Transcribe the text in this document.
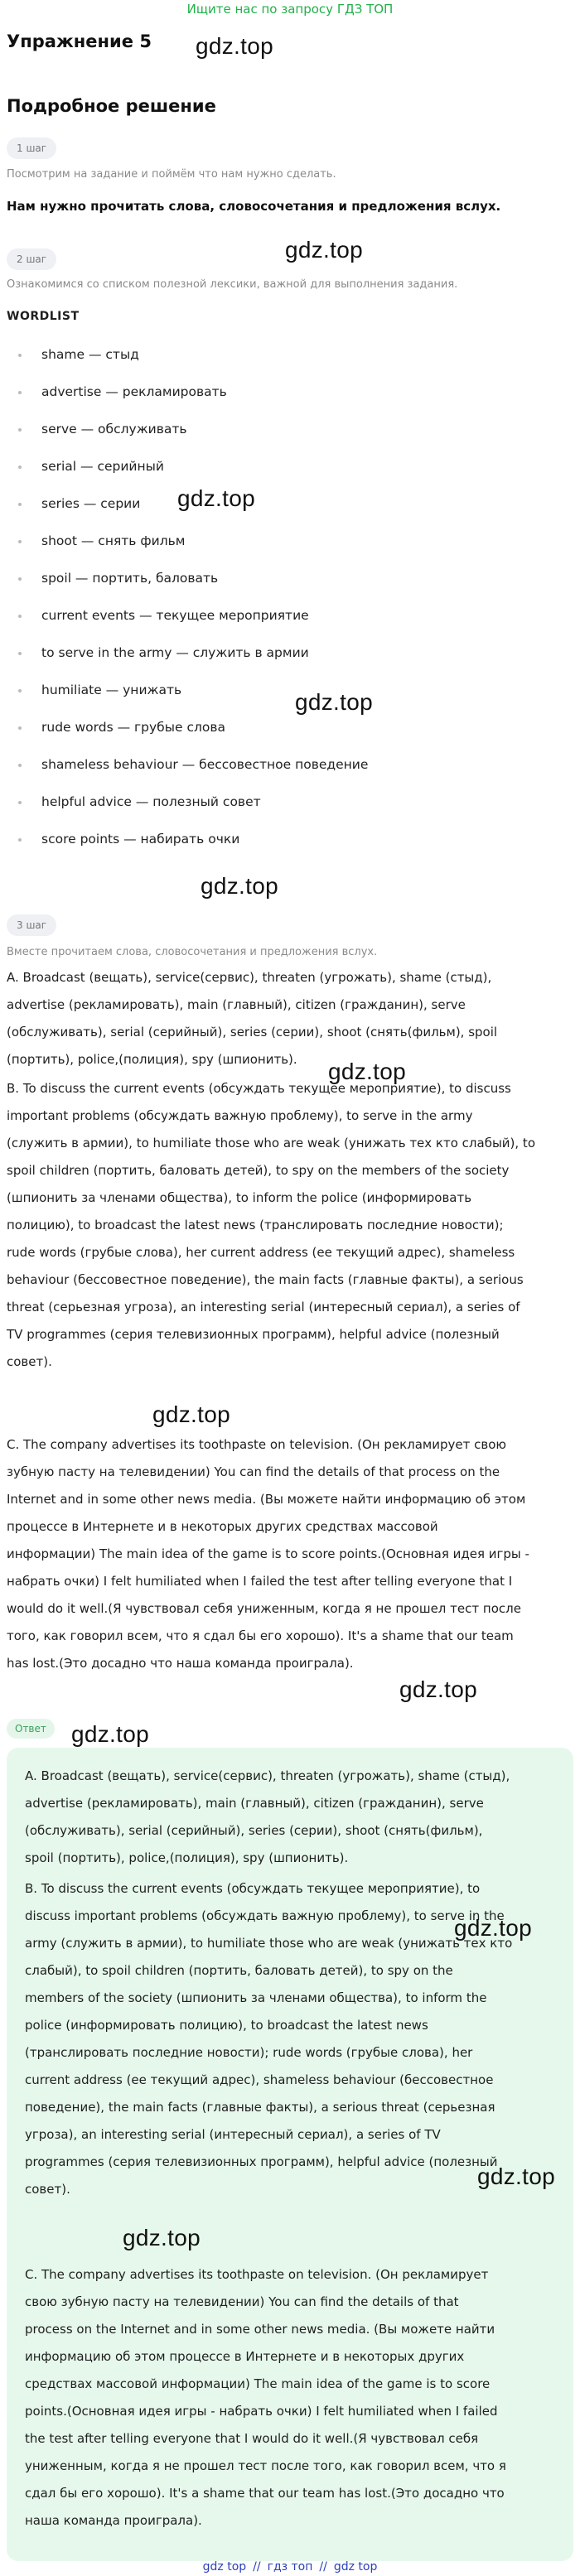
Ищите нас по запросу ГДЗ ТОП
Упражнение 5
Подробное решение
gdz.top
gdz.top
gdz.top
gdz.top
gdz.top
gdz.top
gdz.top
gdz.top
gdz.top
gdz.top
gdz.top
gdz.top
1 шаг
Посмотрим на задание и поймём что нам нужно сделать.
Нам нужно прочитать слова, словосочетания и предложения вслух.
2 шаг
Ознакомимся со списком полезной лексики, важной для выполнения задания.
WORDLIST
shame — стыд
advertise — рекламировать
serve — обслуживать
serial — серийный
series — серии
shoot — снять фильм
spoil — портить, баловать
current events — текущее мероприятие
to serve in the army — служить в армии
humiliate — унижать
rude words — грубые слова
shameless behaviour — бессовестное поведение
helpful advice — полезный совет
score points — набирать очки
3 шаг
Вместе прочитаем слова, словосочетания и предложения вслух.
A. Broadcast (вещать), service(сервис), threaten (угрожать), shame (стыд),
advertise (рекламировать), main (главный), citizen (гражданин), serve
(обслуживать), serial (серийный), series (серии), shoot (снять(фильм), spoil
(портить), police,(полиция), spy (шпионить).
B. To discuss the current events (обсуждать текущее мероприятие), to discuss
important problems (обсуждать важную проблему), to serve in the army
(служить в армии), to humiliate those who are weak (унижать тех кто слабый), to
spoil children (портить, баловать детей), to spy on the members of the society
(шпионить за членами общества), to inform the police (информировать
полицию), to broadcast the latest news (транслировать последние новости);
rude words (грубые слова), her current address (ее текущий адрес), shameless
behaviour (бессовестное поведение), the main facts (главные факты), a serious
threat (серьезная угроза), an interesting serial (интересный сериал), a series of
TV programmes (серия телевизионных программ), helpful advice (полезный
совет).
C. The company advertises its toothpaste on television. (Он рекламирует свою
зубную пасту на телевидении) You can find the details of that process on the
Internet and in some other news media. (Вы можете найти информацию об этом
процессе в Интернете и в некоторых других средствах массовой
информации) The main idea of the game is to score points.(Основная идея игры -
набрать очки) I felt humiliated when I failed the test after telling everyone that I
would do it well.(Я чувствовал себя униженным, когда я не прошел тест после
того, как говорил всем, что я сдал бы его хорошо). It's a shame that our team
has lost.(Это досадно что наша команда проиграла).
Ответ
A. Broadcast (вещать), service(сервис), threaten (угрожать), shame (стыд),
advertise (рекламировать), main (главный), citizen (гражданин), serve
(обслуживать), serial (серийный), series (серии), shoot (снять(фильм),
spoil (портить), police,(полиция), spy (шпионить).
B. To discuss the current events (обсуждать текущее мероприятие), to
discuss important problems (обсуждать важную проблему), to serve in the
army (служить в армии), to humiliate those who are weak (унижать тех кто
слабый), to spoil children (портить, баловать детей), to spy on the
members of the society (шпионить за членами общества), to inform the
police (информировать полицию), to broadcast the latest news
(транслировать последние новости); rude words (грубые слова), her
current address (ее текущий адрес), shameless behaviour (бессовестное
поведение), the main facts (главные факты), a serious threat (серьезная
угроза), an interesting serial (интересный сериал), a series of TV
programmes (серия телевизионных программ), helpful advice (полезный
совет).
C. The company advertises its toothpaste on television. (Он рекламирует
свою зубную пасту на телевидении) You can find the details of that
process on the Internet and in some other news media. (Вы можете найти
информацию об этом процессе в Интернете и в некоторых других
средствах массовой информации) The main idea of the game is to score
points.(Основная идея игры - набрать очки) I felt humiliated when I failed
the test after telling everyone that I would do it well.(Я чувствовал себя
униженным, когда я не прошел тест после того, как говорил всем, что я
сдал бы его хорошо). It's a shame that our team has lost.(Это досадно что
наша команда проиграла).
gdz top // гдз топ // gdz top
